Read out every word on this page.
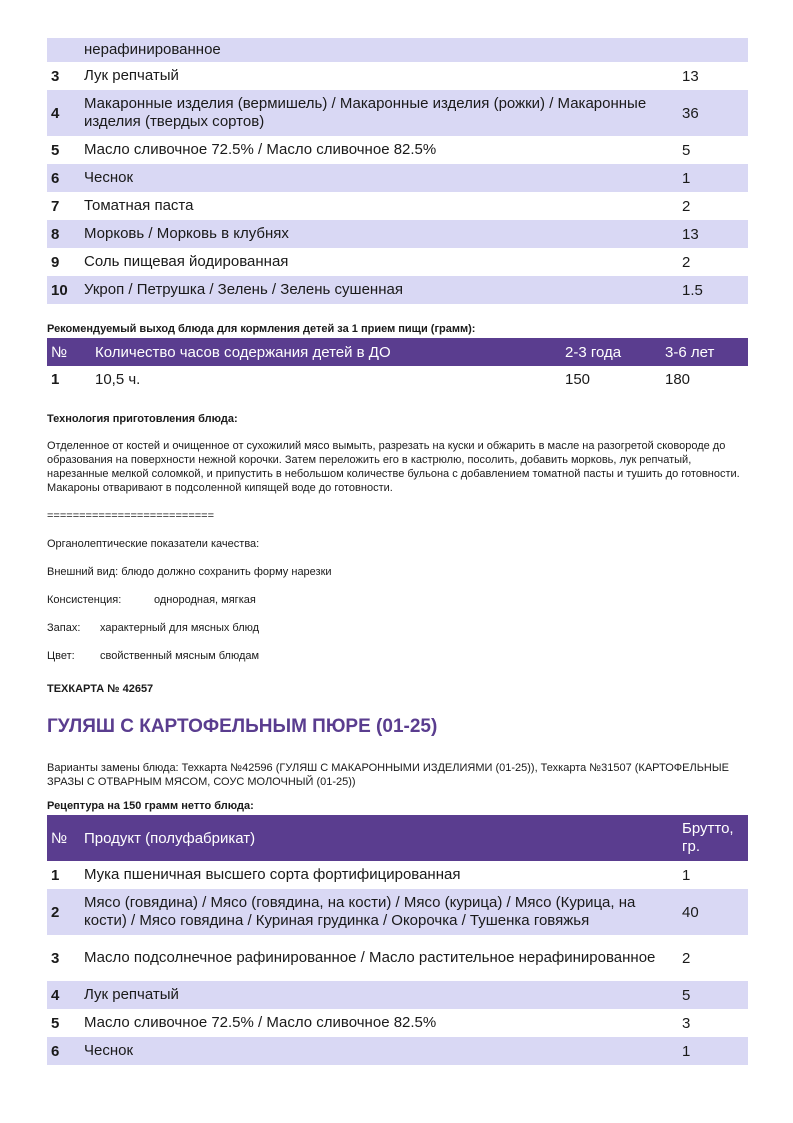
	нерафинированное	
3	Лук репчатый	13
4	Макаронные изделия (вермишель) / Макаронные изделия (рожки) / Макаронные изделия (твердых сортов)	36
5	Масло сливочное 72.5% / Масло сливочное 82.5%	5
6	Чеснок	1
7	Томатная паста	2
8	Морковь / Морковь в клубнях	13
9	Соль пищевая йодированная	2
10	Укроп / Петрушка / Зелень / Зелень сушенная	1.5

Рекомендуемый выход блюда для кормления детей за 1 прием пищи (грамм):

№	Количество часов содержания детей в ДО	2-3 года	3-6 лет
1	10,5 ч.	150	180

Технология приготовления блюда:

Отделенное от костей и очищенное от сухожилий мясо вымыть, разрезать на куски и обжарить в масле на разогретой сковороде до образования на поверхности нежной корочки. Затем переложить его в кастрюлю, посолить, добавить морковь, лук репчатый, нарезанные мелкой соломкой, и припустить в небольшом количестве бульона с добавлением томатной пасты и тушить до готовности. Макароны отваривают в подсоленной кипящей воде до готовности.

==========================

Органолептические показатели качества:

Внешний вид: блюдо должно сохранить форму нарезки

Консистенция:	однородная, мягкая

Запах: характерный для мясных блюд

Цвет: свойственный мясным блюдам

ТЕХКАРТА № 42657

ГУЛЯШ С КАРТОФЕЛЬНЫМ ПЮРЕ (01-25)

Варианты замены блюда: Техкарта №42596 (ГУЛЯШ С МАКАРОННЫМИ ИЗДЕЛИЯМИ (01-25)), Техкарта №31507 (КАРТОФЕЛЬНЫЕ ЗРАЗЫ С ОТВАРНЫМ МЯСОМ, СОУС МОЛОЧНЫЙ (01-25))

Рецептура на 150 грамм нетто блюда:

№	Продукт (полуфабрикат)	Брутто, гр.
1	Мука пшеничная высшего сорта фортифицированная	1
2	Мясо (говядина) / Мясо (говядина, на кости) / Мясо (курица) / Мясо (Курица, на кости) / Мясо говядина / Куриная грудинка / Окорочка / Тушенка говяжья	40
3	Масло подсолнечное рафинированное / Масло растительное нерафинированное	2
4	Лук репчатый	5
5	Масло сливочное 72.5% / Масло сливочное 82.5%	3
6	Чеснок	1
